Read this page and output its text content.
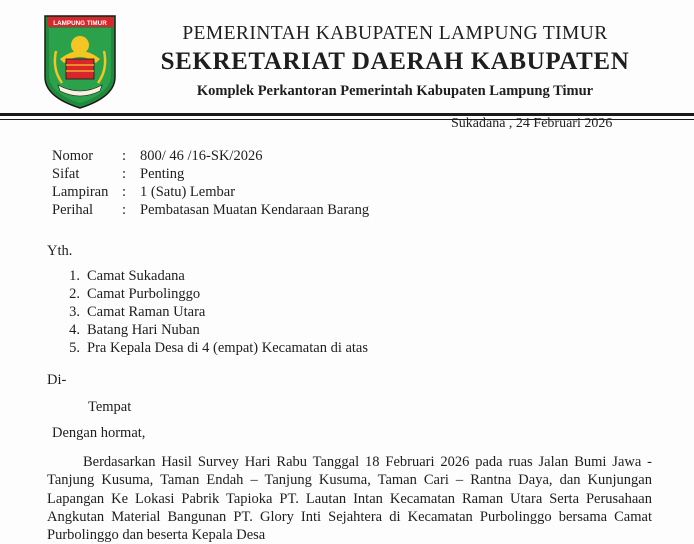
LAMPUNG TIMUR	PEMERINTAH KABUPATEN LAMPUNG TIMUR
SEKRETARIAT DAERAH KABUPATEN
Komplek Perkantoran Pemerintah Kabupaten Lampung Timur
Sukadana , 24 Februari 2026
Nomor : 800/ 46 /16-SK/2026
Sifat	: Penting
Lampiran : 1 (Satu) Lembar
Perihal : Pembatasan Muatan Kendaraan Barang
Yth.
1. Camat Sukadana
2. Camat Purbolinggo
3. Camat Raman Utara
4. Batang Hari Nuban
5. Pra Kepala Desa di 4 (empat) Kecamatan di atas
Di-
Tempat
Dengan hormat,
Berdasarkan Hasil Survey Hari Rabu Tanggal 18 Februari 2026 pada ruas Jalan Bumi Jawa - Tanjung Kusuma, Taman Endah – Tanjung Kusuma, Taman Cari – Rantna Daya, dan Kunjungan Lapangan Ke Lokasi Pabrik Tapioka PT. Lautan Intan Kecamatan Raman Utara Serta Perusahaan Angkutan Material Bangunan PT. Glory Inti Sejahtera di Kecamatan Purbolinggo bersama Camat Purbolinggo dan beserta Kepala Desa
